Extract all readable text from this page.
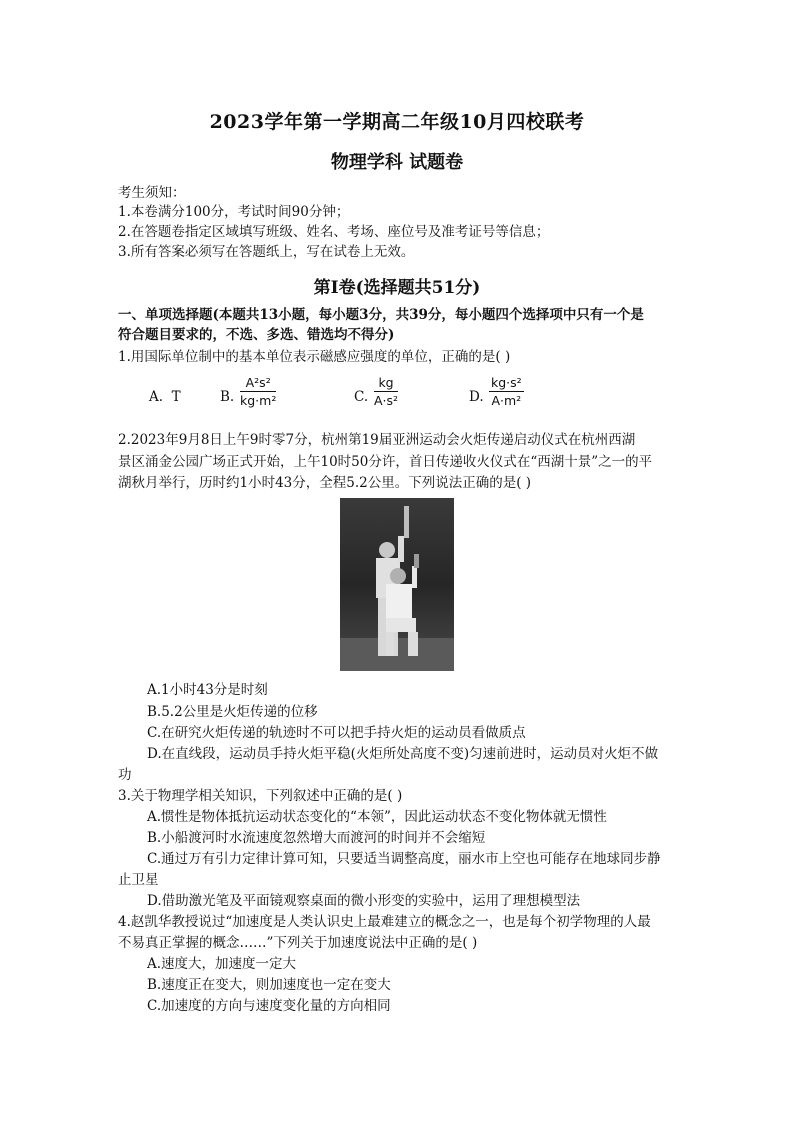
2023学年第一学期高二年级10月四校联考
物理学科 试题卷
考生须知：
1.本卷满分100分，考试时间90分钟；
2.在答题卷指定区域填写班级、姓名、考场、座位号及准考证号等信息；
3.所有答案必须写在答题纸上，写在试卷上无效。
第I卷(选择题共51分)
一、单项选择题(本题共13小题，每小题3分，共39分，每小题四个选择项中只有一个是
符合题目要求的，不选、多选、错选均不得分)
1.用国际单位制中的基本单位表示磁感应强度的单位，正确的是( )
A. T	B.
A²s²
kg·m²	C.
kg
A·s²	D.
kg·s²
A·m²
2.2023年9月8日上午9时零7分，杭州第19届亚洲运动会火炬传递启动仪式在杭州西湖
景区涌金公园广场正式开始，上午10时50分许，首日传递收火仪式在“西湖十景”之一的平
湖秋月举行，历时约1小时43分，全程5.2公里。下列说法正确的是( )
A.1小时43分是时刻
B.5.2公里是火炬传递的位移
C.在研究火炬传递的轨迹时不可以把手持火炬的运动员看做质点
D.在直线段，运动员手持火炬平稳(火炬所处高度不变)匀速前进时，运动员对火炬不做
功
3.关于物理学相关知识，下列叙述中正确的是( )
A.惯性是物体抵抗运动状态变化的“本领”，因此运动状态不变化物体就无惯性
B.小船渡河时水流速度忽然增大而渡河的时间并不会缩短
C.通过万有引力定律计算可知，只要适当调整高度，丽水市上空也可能存在地球同步静
止卫星
D.借助激光笔及平面镜观察桌面的微小形变的实验中，运用了理想模型法
4.赵凯华教授说过“加速度是人类认识史上最难建立的概念之一，也是每个初学物理的人最
不易真正掌握的概念……”下列关于加速度说法中正确的是( )
A.速度大，加速度一定大
B.速度正在变大，则加速度也一定在变大
C.加速度的方向与速度变化量的方向相同
